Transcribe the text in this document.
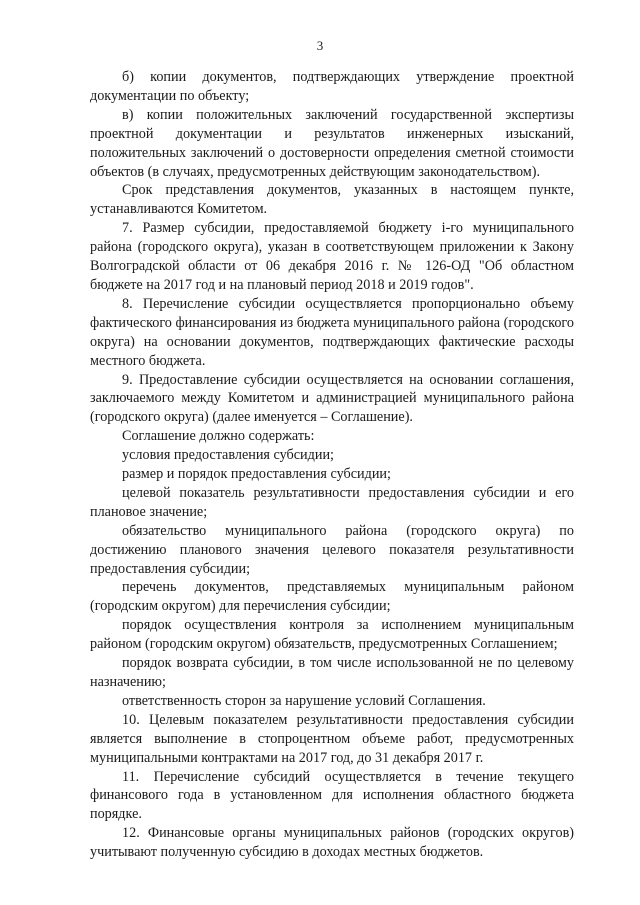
3

б) копии документов, подтверждающих утверждение проектной документации по объекту;

в) копии положительных заключений государственной экспертизы проектной документации и результатов инженерных изысканий, положительных заключений о достоверности определения сметной стоимости объектов (в случаях, предусмотренных действующим законодательством).

Срок представления документов, указанных в настоящем пункте, устанавливаются Комитетом.

7. Размер субсидии, предоставляемой бюджету i-го муниципального района (городского округа), указан в соответствующем приложении к Закону Волгоградской области от 06 декабря 2016 г. № 126-ОД "Об областном бюджете на 2017 год и на плановый период 2018 и 2019 годов".

8. Перечисление субсидии осуществляется пропорционально объему фактического финансирования из бюджета муниципального района (городского округа) на основании документов, подтверждающих фактические расходы местного бюджета.

9. Предоставление субсидии осуществляется на основании соглашения, заключаемого между Комитетом и администрацией муниципального района (городского округа) (далее именуется – Соглашение).

Соглашение должно содержать:

условия предоставления субсидии;

размер и порядок предоставления субсидии;

целевой показатель результативности предоставления субсидии и его плановое значение;

обязательство муниципального района (городского округа) по достижению планового значения целевого показателя результативности предоставления субсидии;

перечень документов, представляемых муниципальным районом (городским округом) для перечисления субсидии;

порядок осуществления контроля за исполнением муниципальным районом (городским округом) обязательств, предусмотренных Соглашением;

порядок возврата субсидии, в том числе использованной не по целевому назначению;

ответственность сторон за нарушение условий Соглашения.

10. Целевым показателем результативности предоставления субсидии является выполнение в стопроцентном объеме работ, предусмотренных муниципальными контрактами на 2017 год, до 31 декабря 2017 г.

11. Перечисление субсидий осуществляется в течение текущего финансового года в установленном для исполнения областного бюджета порядке.

12. Финансовые органы муниципальных районов (городских округов) учитывают полученную субсидию в доходах местных бюджетов.
